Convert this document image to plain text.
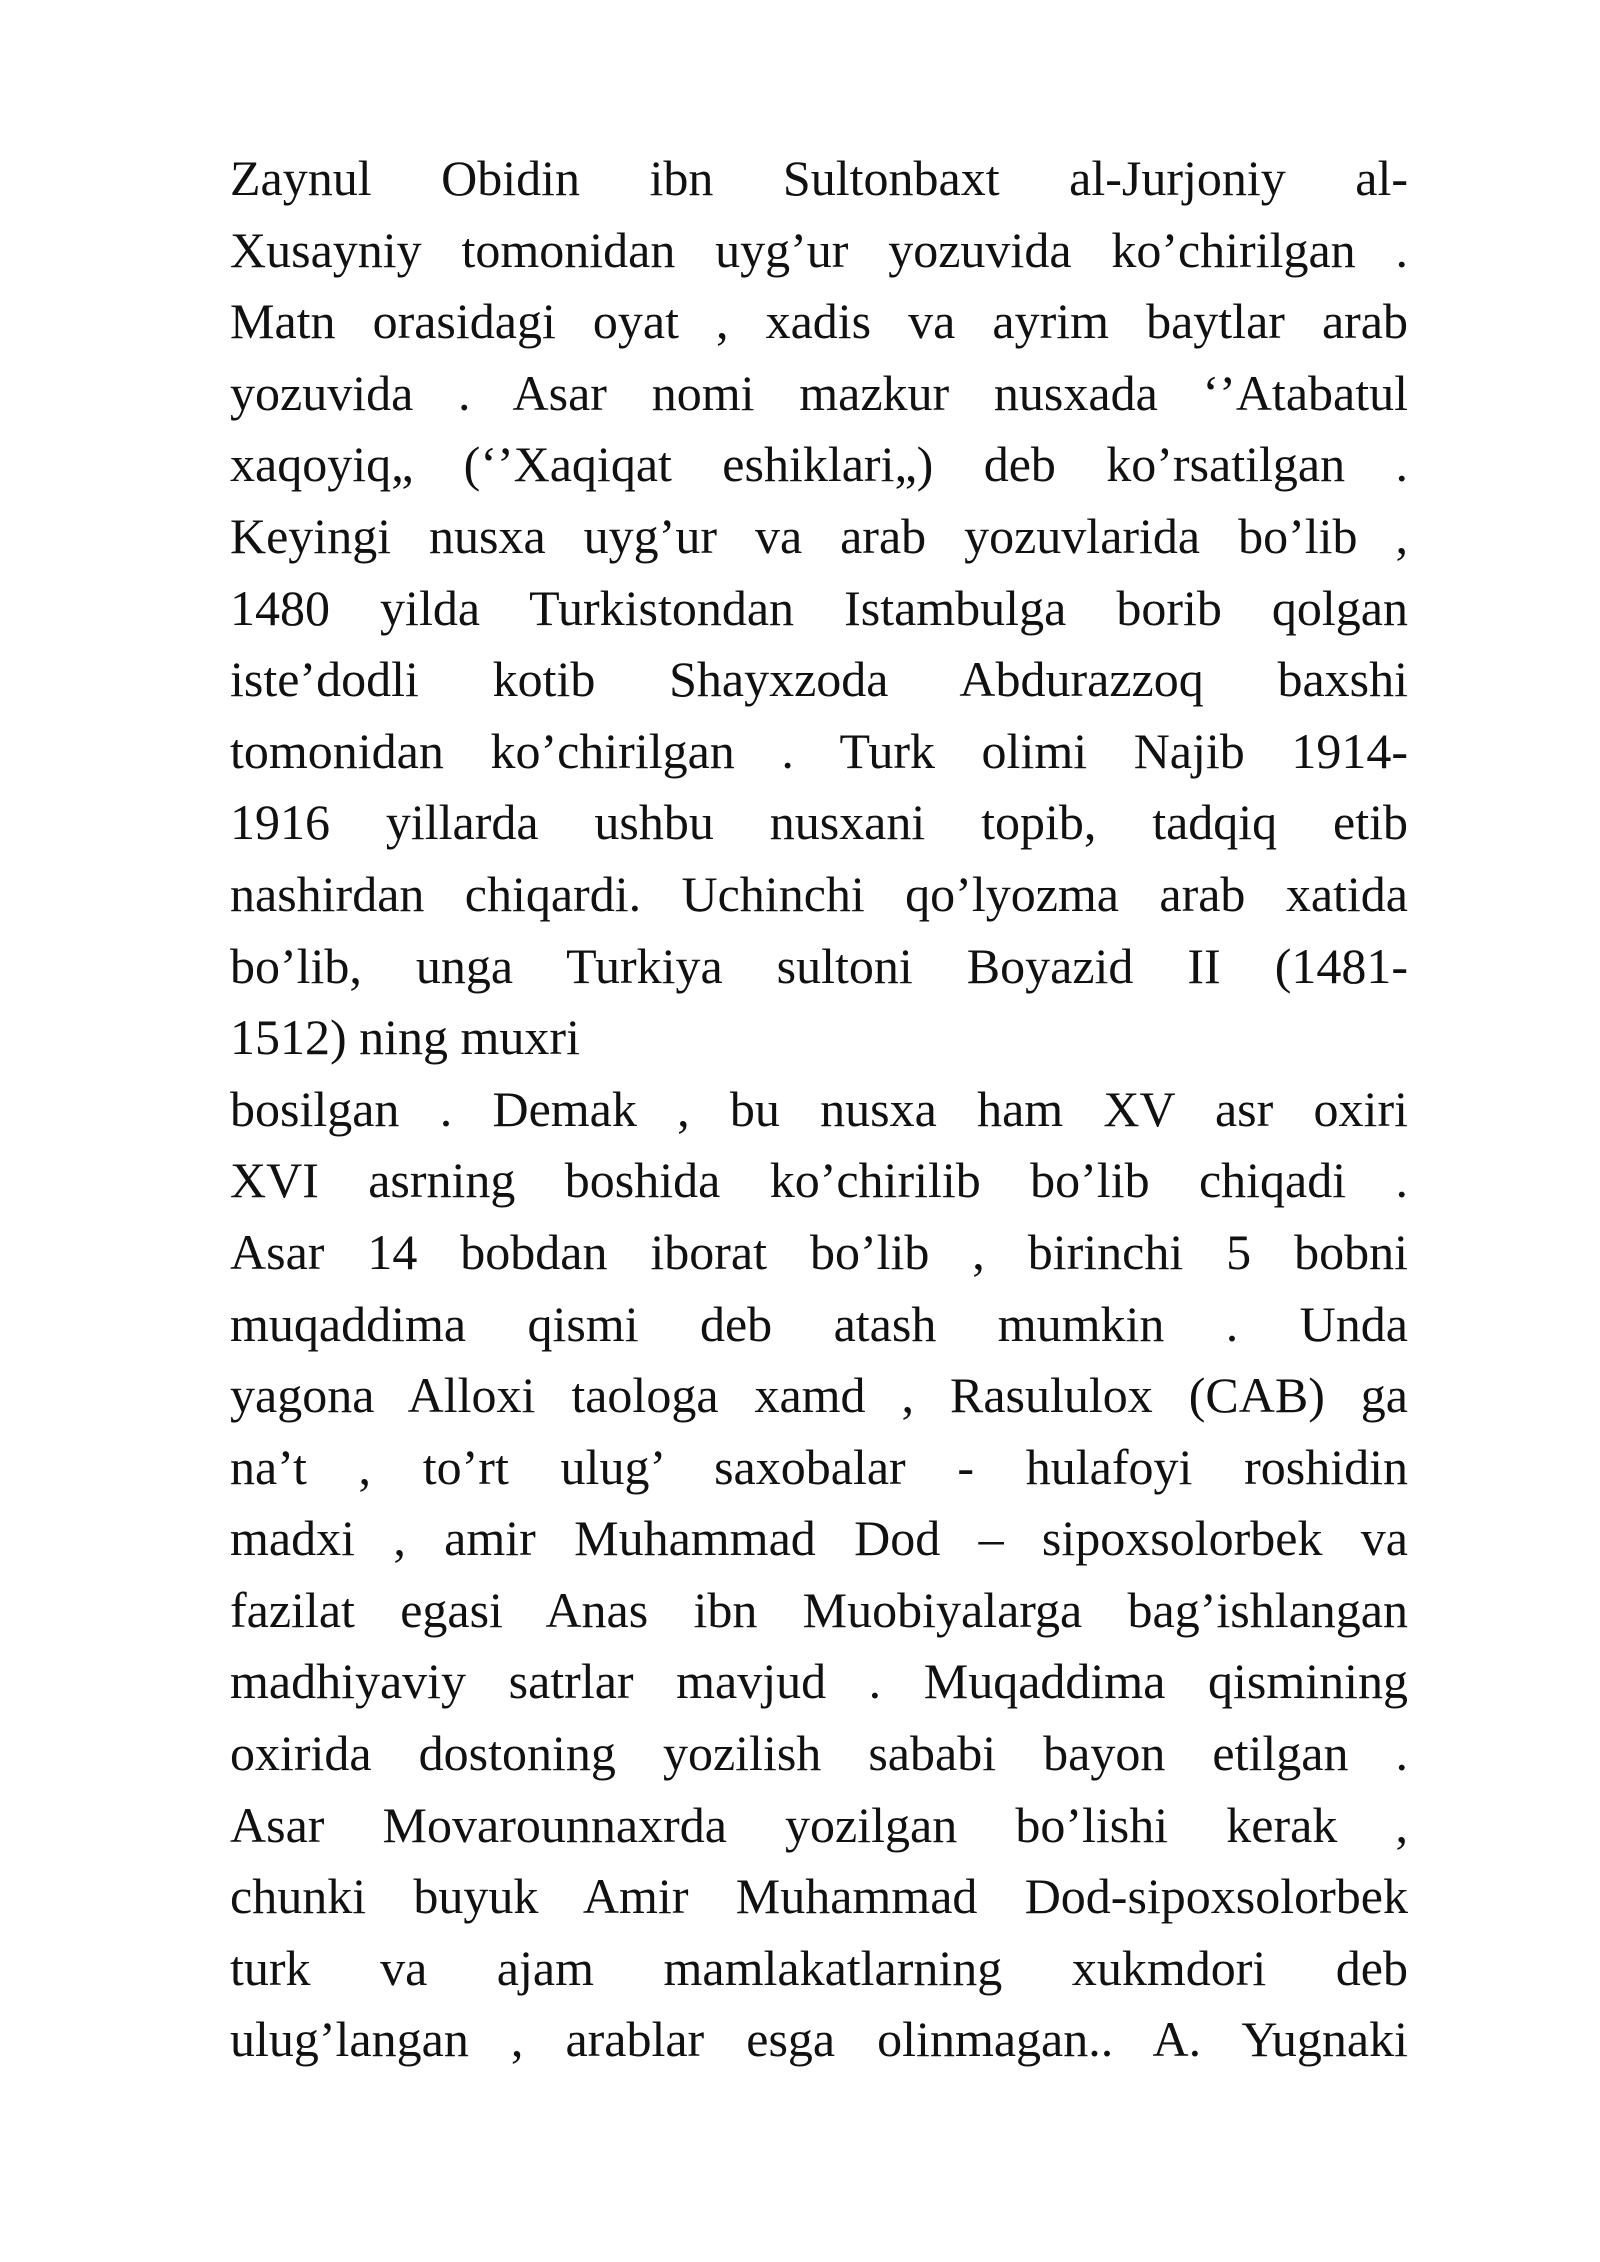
Zaynul Obidin ibn Sultonbaxt al-Jurjoniy al-
Xusayniy tomonidan uyg’ur yozuvida ko’chirilgan .
Matn orasidagi oyat , xadis va ayrim baytlar arab
yozuvida . Asar nomi mazkur nusxada ‘’Atabatul
xaqoyiq„ (‘’Xaqiqat eshiklari„) deb ko’rsatilgan .
Keyingi nusxa uyg’ur va arab yozuvlarida bo’lib ,
1480 yilda Turkistondan Istambulga borib qolgan
iste’dodli kotib Shayxzoda Abdurazzoq baxshi
tomonidan ko’chirilgan . Turk olimi Najib 1914-
1916 yillarda ushbu nusxani topib, tadqiq etib
nashirdan chiqardi. Uchinchi qo’lyozma arab xatida
bo’lib, unga Turkiya sultoni Boyazid II (1481-
1512) ning muxri
bosilgan . Demak , bu nusxa ham XV asr oxiri
XVI asrning boshida ko’chirilib bo’lib chiqadi .
Asar 14 bobdan iborat bo’lib , birinchi 5 bobni
muqaddima qismi deb atash mumkin . Unda
yagona Alloxi taologa xamd , Rasululox (CAB) ga
na’t , to’rt ulug’ saxobalar - hulafoyi roshidin
madxi , amir Muhammad Dod – sipoxsolorbek va
fazilat egasi Anas ibn Muobiyalarga bag’ishlangan
madhiyaviy satrlar mavjud . Muqaddima qismining
oxirida dostoning yozilish sababi bayon etilgan .
Asar Movarounnaxrda yozilgan bo’lishi kerak ,
chunki buyuk Amir Muhammad Dod-sipoxsolorbek
turk va ajam mamlakatlarning xukmdori deb
ulug’langan , arablar esga olinmagan.. A. Yugnaki
